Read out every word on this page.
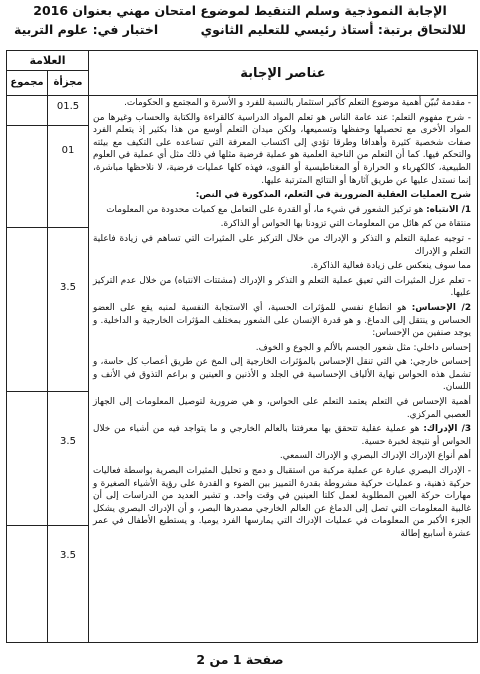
الإجابة النموذجية وسلم التنقيط لموضوع امتحان مهني بعنوان 2016
للالتحاق برتبة: أستاذ رئيسي للتعليم الثانوي
اختبار في: علوم التربية
عناصر الإجابة
العلامة
مجموع مجزأة
01.5
01
3.5
3.5
3.5

- مقدمة تُبيّن أهمية موضوع التعلم كأكبر استثمار بالنسبة للفرد و الأسرة و المجتمع و الحكومات.

- شرح مفهوم التعلم: عند عامة الناس هو تعلم المواد الدراسية كالقراءة والكتابة والحساب وغيرها من المواد الأخرى مع تحصيلها وحفظها وتسميعها، ولكن ميدان التعلم أوسع من هذا بكثير إذ يتعلم الفرد صفات شخصية كثيرة وأهدافا وطرقا تؤدي إلى اكتساب المعرفة التي تساعده على التكيف مع بيئته والتحكم فيها. كما أن التعلم من الناحية العلمية هو عملية فرضية مثلها في ذلك مثل أي عملية في العلوم الطبيعية، كالكهرباء و الحرارة أو المغناطيسية أو القوى، فهذه كلها عمليات فرضية، لا نلاحظها مباشرة، إنما نستدل عليها عن طريق آثارها أو النتائج المترتبة عليها.

شرح العمليات العقلية الضرورية في التعلم، المذكورة في النص:

1/ الانتباه: هو تركيز الشعور في شيء ما، أو القدرة على التعامل مع كميات محدودة من المعلومات

منتقاة من كم هائل من المعلومات التي تزودنا بها الحواس أو الذاكرة.

- توجيه عملية التعلم و التذكر و الإدراك من خلال التركيز على المثيرات التي تساهم في زيادة فاعلية التعلم و الإدراك

مما سوف ينعكس على زيادة فعالية الذاكرة.

- تعلم عزل المثيرات التي تعيق عملية التعلم و التذكر و الإدراك (مشتتات الانتباه) من خلال عدم التركيز عليها.

2/ الإحساس: هو انطباع نفسي للمؤثرات الحسية، أي الاستجابة النفسية لمنبه يقع على العضو الحساس و ينتقل إلى الدماغ. و هو قدرة الإنسان على الشعور بمختلف المؤثرات الخارجية و الداخلية. و يوجد صنفين من الإحساس:

إحساس داخلي: مثل شعور الجسم بالألم و الجوع و الخوف.

إحساس خارجي: هي التي تنقل الإحساس بالمؤثرات الخارجية إلى المخ عن طريق أعصاب كل حاسة، و تشمل هذه الحواس نهاية الألياف الإحساسية في الجلد و الأذنين و العينين و براعم التذوق في الأنف و اللسان.

أهمية الإحساس في التعلم يعتمد التعلم على الحواس، و هي ضرورية لتوصيل المعلومات إلى الجهاز العصبي المركزي.

3/ الإدراك: هو عملية عقلية تتحقق بها معرفتنا بالعالم الخارجي و ما يتواجد فيه من أشياء من خلال الحواس أو نتيجة لخبرة حسية.

أهم أنواع الإدراك الإدراك البصري و الإدراك السمعي.

- الإدراك البصري عبارة عن عملية مركبة من استقبال و دمج و تحليل المثيرات البصرية بواسطة فعاليات حركية ذهنية، و عمليات حركية مشروطة بقدرة التمييز بين الضوء و القدرة على رؤية الأشياء الصغيرة و مهارات حركة العين المطلوبة لعمل كلتا العينين في وقت واحد. و تشير العديد من الدراسات إلى أن غالبية المعلومات التي تصل إلى الدماغ عن العالم الخارجي مصدرها البصر، و أن الإدراك البصري يشكل الجزء الأكبر من المعلومات في عمليات الإدراك التي يمارسها الفرد يوميا. و يستطيع الأطفال في عمر عشرة أسابيع إطالة

صفحة 1 من 2
